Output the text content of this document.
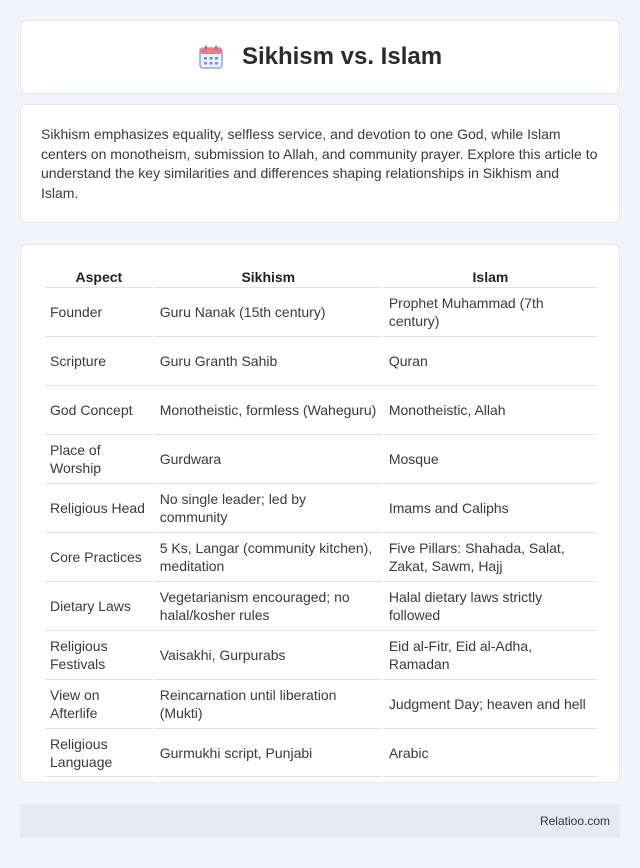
Sikhism vs. Islam

Sikhism emphasizes equality, selfless service, and devotion to one God, while Islam centers on monotheism, submission to Allah, and community prayer. Explore this article to understand the key similarities and differences shaping relationships in Sikhism and Islam.

Aspect	Sikhism	Islam
Founder	Guru Nanak (15th century)	Prophet Muhammad (7th century)
Scripture	Guru Granth Sahib	Quran
God Concept	Monotheistic, formless (Waheguru)	Monotheistic, Allah
Place of Worship	Gurdwara	Mosque
Religious Head	No single leader; led by community	Imams and Caliphs
Core Practices	5 Ks, Langar (community kitchen), meditation	Five Pillars: Shahada, Salat, Zakat, Sawm, Hajj
Dietary Laws	Vegetarianism encouraged; no halal/kosher rules	Halal dietary laws strictly followed
Religious Festivals	Vaisakhi, Gurpurabs	Eid al-Fitr, Eid al-Adha, Ramadan
View on Afterlife	Reincarnation until liberation (Mukti)	Judgment Day; heaven and hell
Religious Language	Gurmukhi script, Punjabi	Arabic
Relatioo.com
